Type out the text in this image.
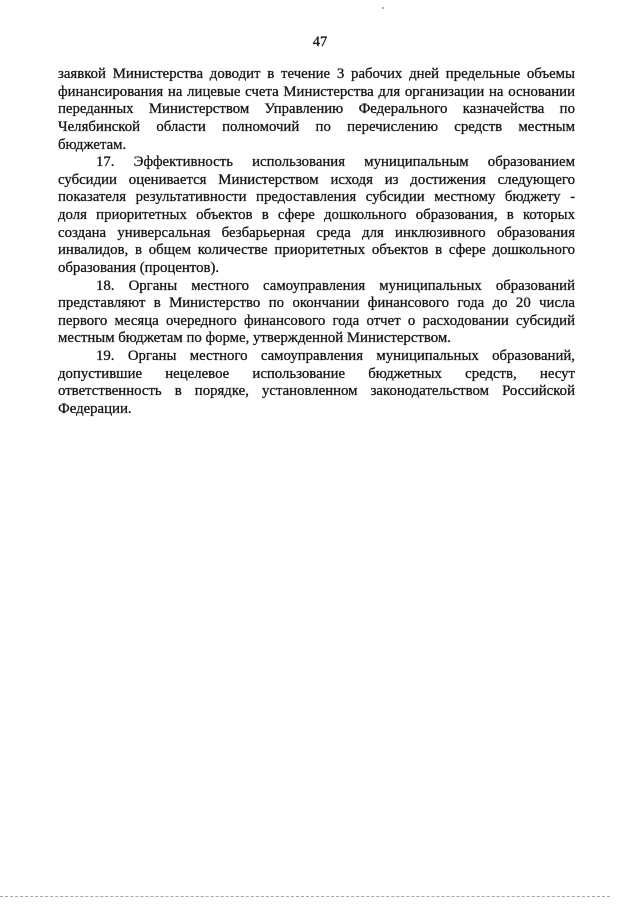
47
заявкой Министерства доводит в течение 3 рабочих дней предельные объемы
финансирования на лицевые счета Министерства для организации на основании
переданных Министерством Управлению Федерального казначейства по
Челябинской области полномочий по перечислению средств местным
бюджетам.
17. Эффективность использования муниципальным образованием
субсидии оценивается Министерством исходя из достижения следующего
показателя результативности предоставления субсидии местному бюджету -
доля приоритетных объектов в сфере дошкольного образования, в которых
создана универсальная безбарьерная среда для инклюзивного образования
инвалидов, в общем количестве приоритетных объектов в сфере дошкольного
образования (процентов).
18. Органы местного самоуправления муниципальных образований
представляют в Министерство по окончании финансового года до 20 числа
первого месяца очередного финансового года отчет о расходовании субсидий
местным бюджетам по форме, утвержденной Министерством.
19. Органы местного самоуправления муниципальных образований,
допустившие нецелевое использование бюджетных средств, несут
ответственность в порядке, установленном законодательством Российской
Федерации.
